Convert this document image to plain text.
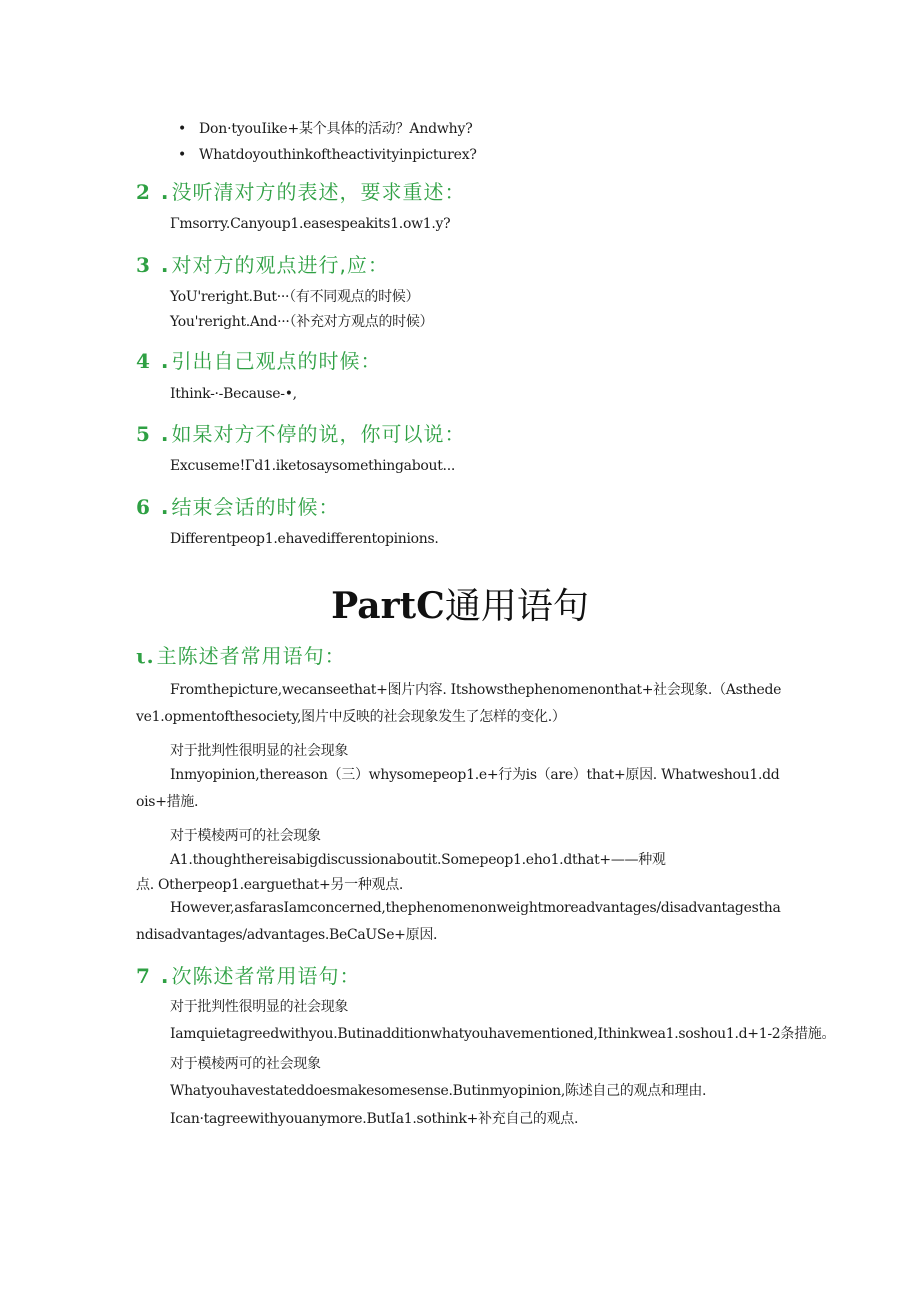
• Don·tyouIike+某个具体的活动？Andwhy?
• Whatdoyouthinkoftheactivityinpicturex?
2 . 没听清对方的表述，要求重述：
Γmsorry.Canyoup1.easespeakits1.ow1.y?
3 . 对对方的观点进行,应：
YoU'reright.But···（有不同观点的时候）
You'reright.And···（补充对方观点的时候）
4 . 引出自己观点的时候：
Ithink-·-Because-•,
5 . 如杲对方不停的说，你可以说：
Excuseme!Γd1.iketosaysomethingabout...
6 . 结束会话的时候：
Differentpeop1.ehavedifferentopinions.
PartC通用语句
ι. 主陈述者常用语句：
Fromthepicture,wecanseethat+图片内容. Itshowsthephenomenonthat+社会现象.（Asthedeve1.opmentofthesociety,图片中反映的社会现象发生了怎样的变化.）
对于批判性很明显的社会现象
Inmyopinion,thereason（三）whysomepeop1.e+行为is（are）that+原因. Whatweshou1.ddois+措施.
对于模棱两可的社会现象
A1.thoughthereisabigdiscussionaboutit.Somepeop1.eho1.dthat+——种观
点. Otherpeop1.earguethat+另一种观点.
However,asfarasIamconcerned,thephenomenonweightmoreadvantages/disadvantagesthandisadvantages/advantages.BeCaUSe+原因.
7 . 次陈述者常用语句：
对于批判性很明显的社会现象
Iamquietagreedwithyou.Butinadditionwhatyouhavementioned,Ithinkwea1.soshou1.d+1-2条措施。
对于模棱两可的社会现象
Whatyouhavestateddoesmakesomesense.Butinmyopinion,陈述自己的观点和理由.
Ican·tagreewithyouanymore.ButIa1.sothink+补充自己的观点.
